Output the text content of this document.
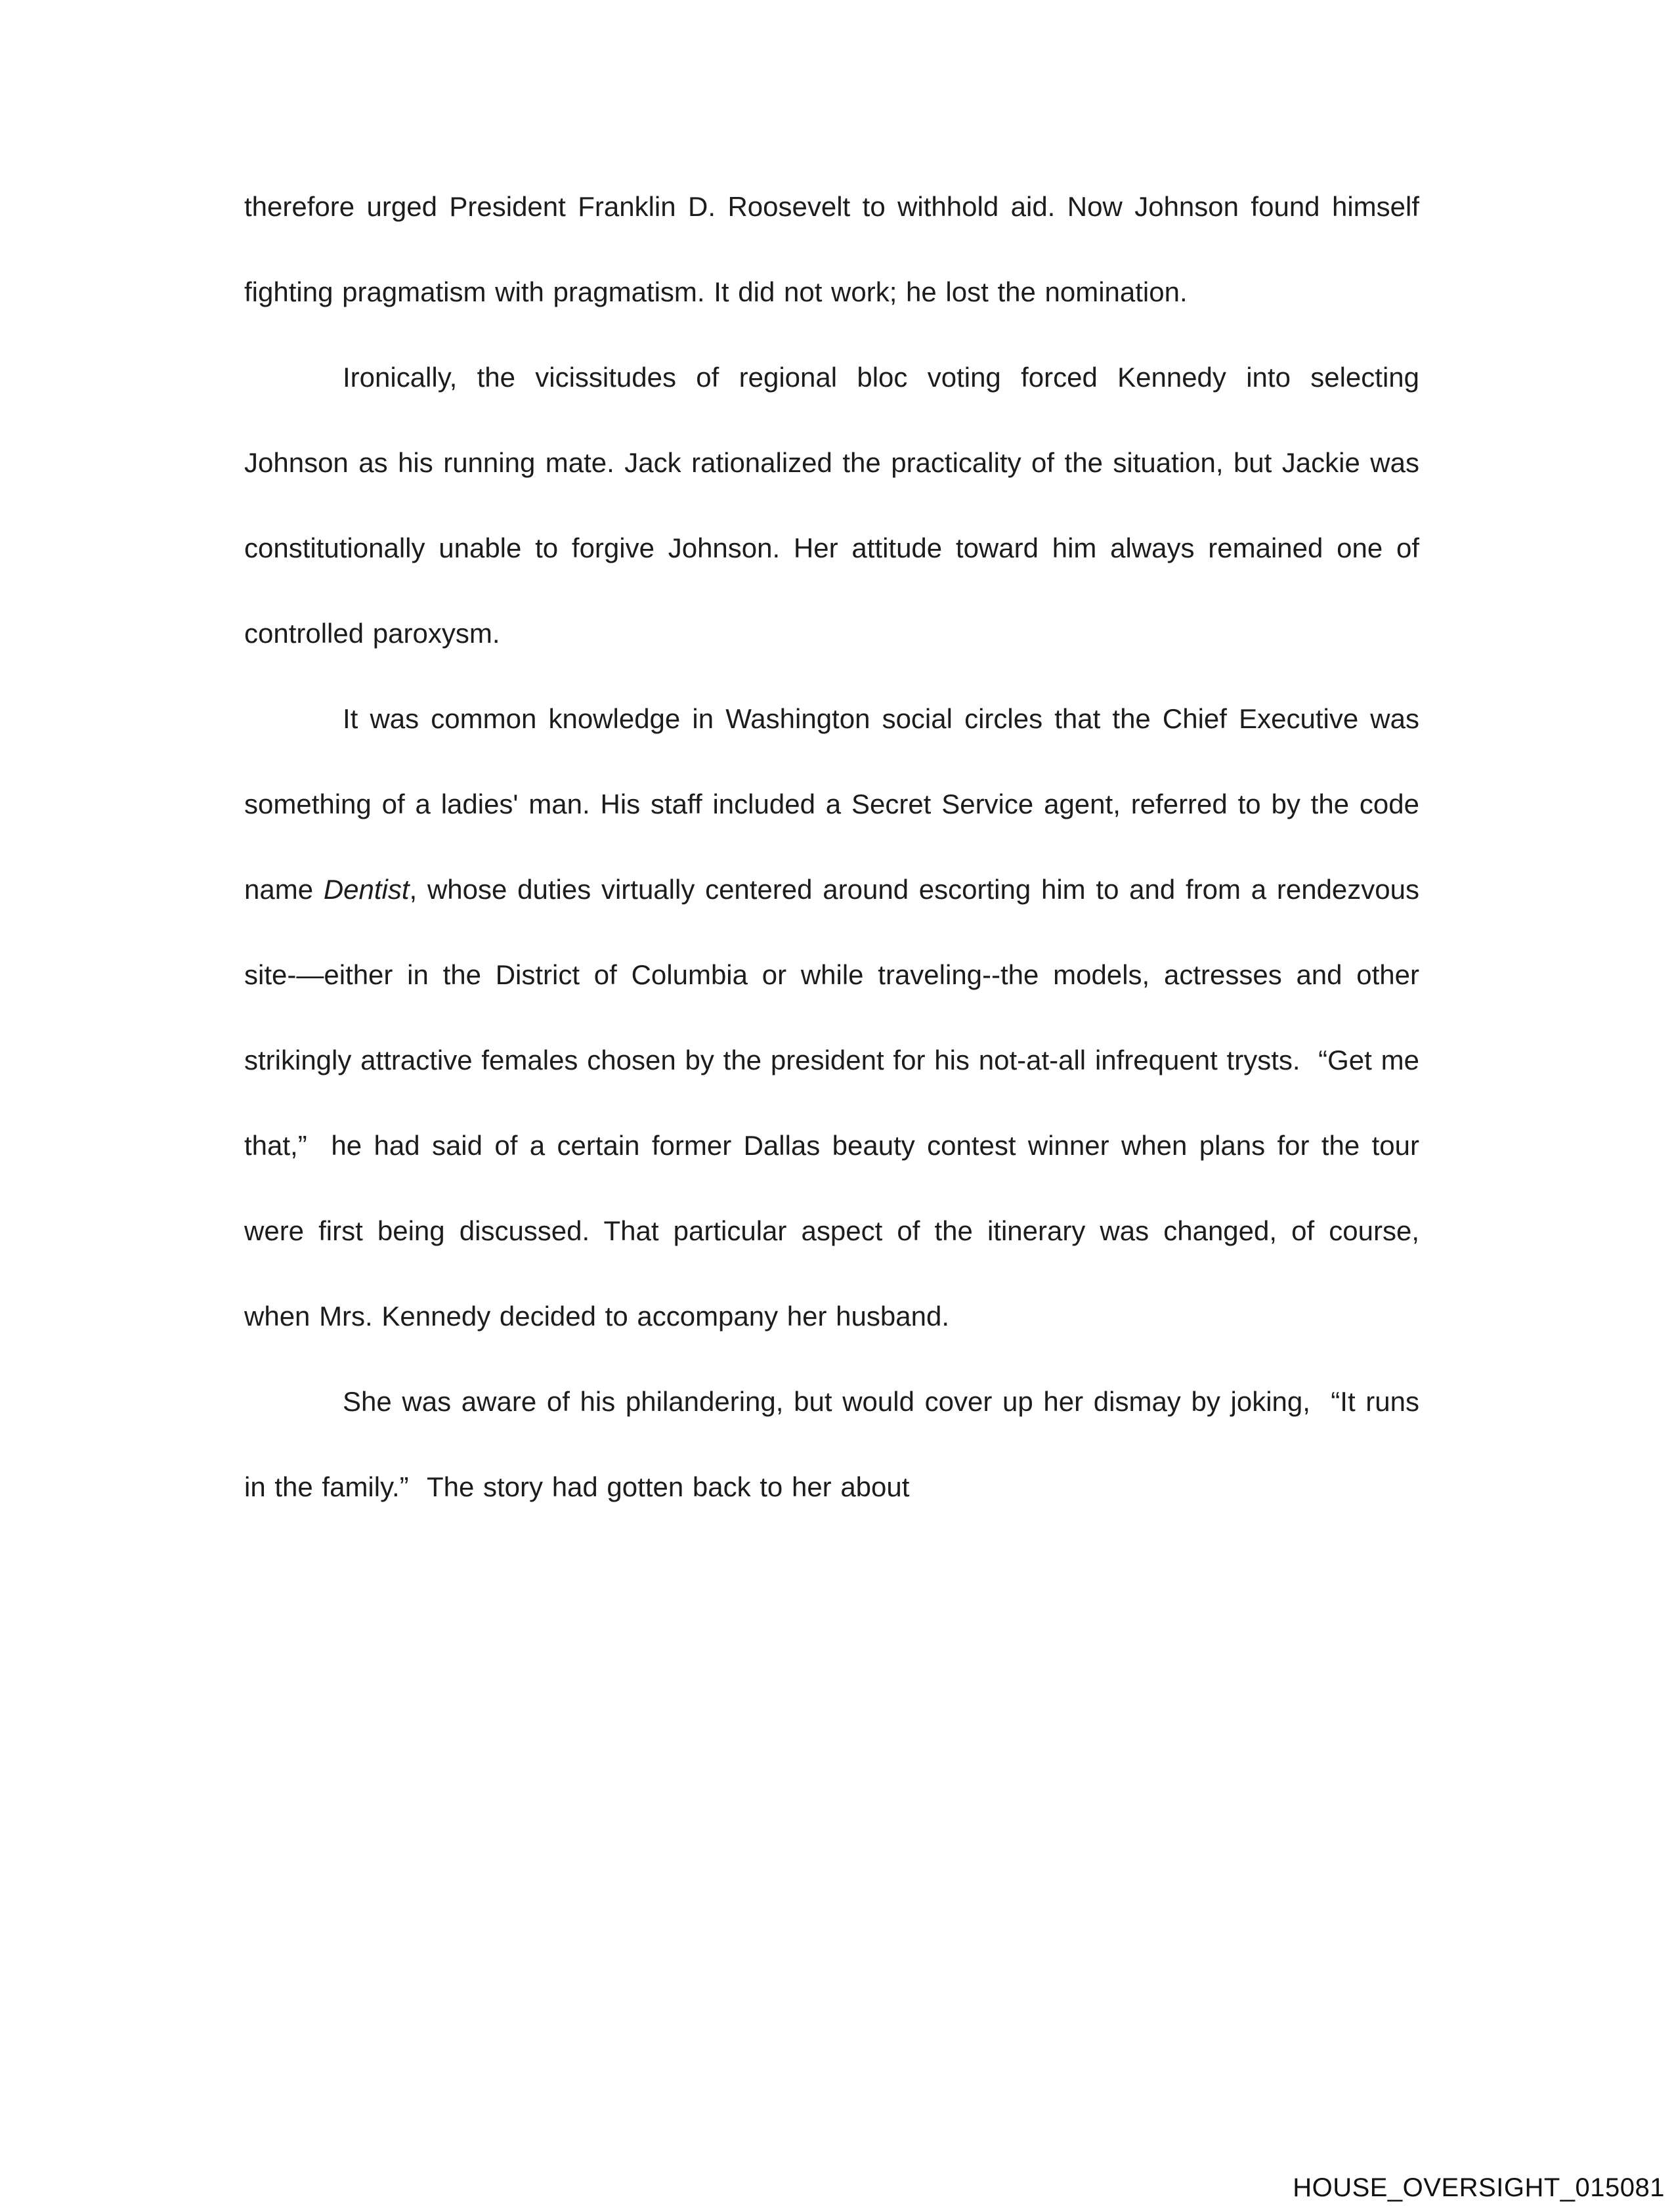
therefore urged President Franklin D. Roosevelt to withhold aid. Now Johnson found himself fighting pragmatism with pragmatism. It did not work; he lost the nomination.

Ironically, the vicissitudes of regional bloc voting forced Kennedy into selecting Johnson as his running mate. Jack rationalized the practicality of the situation, but Jackie was constitutionally unable to forgive Johnson. Her attitude toward him always remained one of controlled paroxysm.

It was common knowledge in Washington social circles that the Chief Executive was something of a ladies' man. His staff included a Secret Service agent, referred to by the code name Dentist, whose duties virtually centered around escorting him to and from a rendezvous site-—either in the District of Columbia or while traveling--the models, actresses and other strikingly attractive females chosen by the president for his not-at-all infrequent trysts.  “Get me that,”  he had said of a certain former Dallas beauty contest winner when plans for the tour were first being discussed. That particular aspect of the itinerary was changed, of course, when Mrs. Kennedy decided to accompany her husband.

She was aware of his philandering, but would cover up her dismay by joking,  “It runs in the family.”  The story had gotten back to her about

HOUSE_OVERSIGHT_015081
